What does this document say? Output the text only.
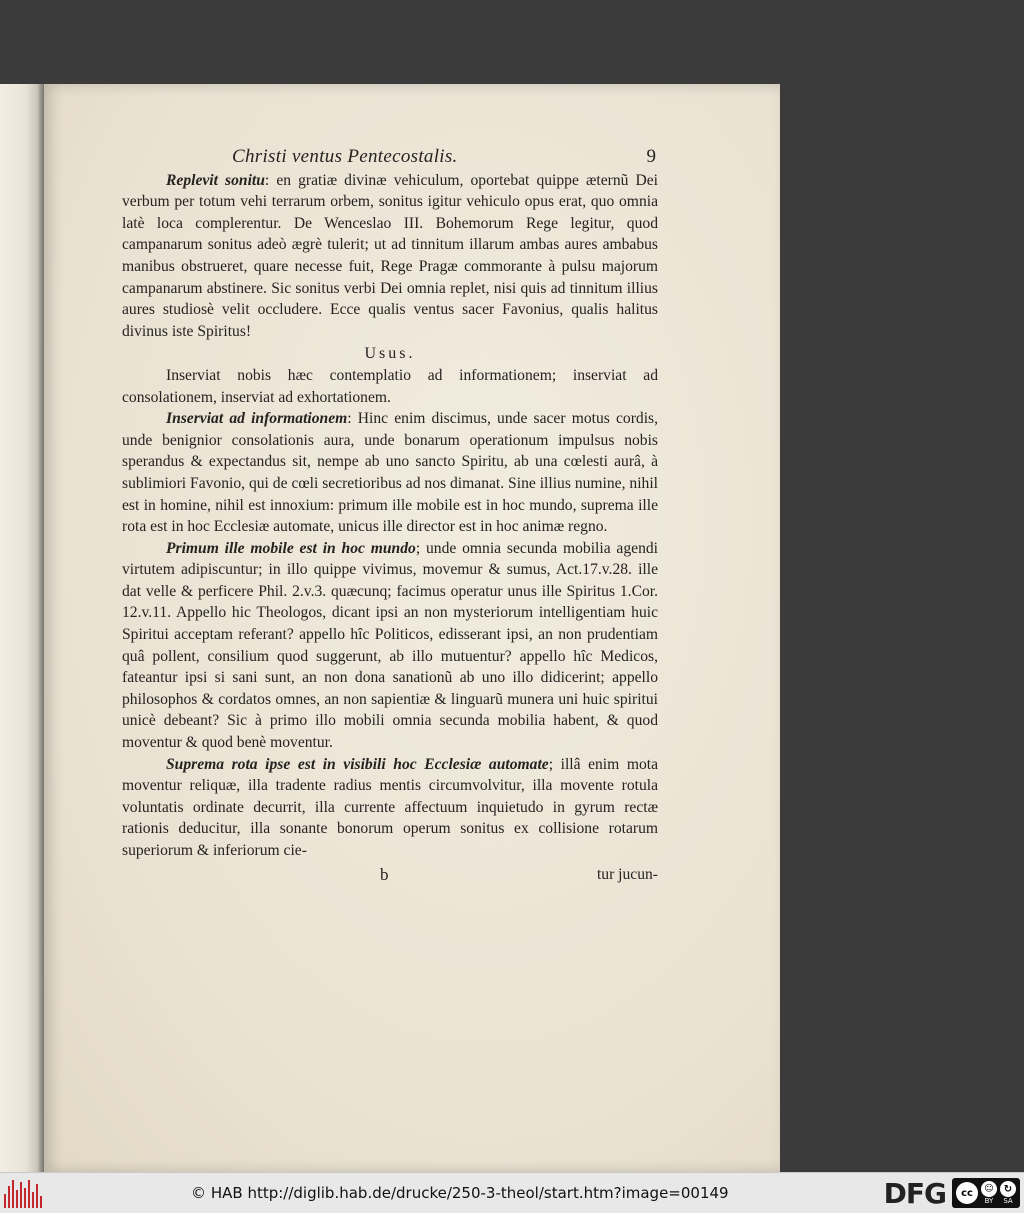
Christi ventus Pentecostalis.	9

Replevit sonitu: en gratiæ divinæ vehiculum, oportebat quippe æternũ Dei verbum per totum vehi terrarum orbem, sonitus igitur vehiculo opus erat, quo omnia latè loca complerentur. De Wenceslao III. Bohemorum Rege legitur, quod campanarum sonitus adeò ægrè tulerit; ut ad tinnitum illarum ambas aures ambabus manibus obstrueret, quare necesse fuit, Rege Pragæ commorante à pulsu majorum campanarum abstinere. Sic sonitus verbi Dei omnia replet, nisi quis ad tinnitum illius aures studiosè velit occludere. Ecce qualis ventus sacer Favonius, qualis halitus divinus iste Spiritus!

Usus.

Inserviat nobis hæc contemplatio ad informationem; inserviat ad consolationem, inserviat ad exhortationem.

Inserviat ad informationem: Hinc enim discimus, unde sacer motus cordis, unde benignior consolationis aura, unde bonarum operationum impulsus nobis sperandus & expectandus sit, nempe ab uno sancto Spiritu, ab una cœlesti aurâ, à sublimiori Favonio, qui de cœli secretioribus ad nos dimanat. Sine illius numine, nihil est in homine, nihil est innoxium: primum ille mobile est in hoc mundo, suprema ille rota est in hoc Ecclesiæ automate, unicus ille director est in hoc animæ regno.

Primum ille mobile est in hoc mundo; unde omnia secunda mobilia agendi virtutem adipiscuntur; in illo quippe vivimus, movemur & sumus, Act.17.v.28. ille dat velle & perficere Phil. 2.v.3. quæcunq; facimus operatur unus ille Spiritus 1.Cor. 12.v.11. Appello hic Theologos, dicant ipsi an non mysteriorum intelligentiam huic Spiritui acceptam referant? appello hîc Politicos, edisserant ipsi, an non prudentiam quâ pollent, consilium quod suggerunt, ab illo mutuentur? appello hîc Medicos, fateantur ipsi si sani sunt, an non dona sanationũ ab uno illo didicerint; appello philosophos & cordatos omnes, an non sapientiæ & linguarũ munera uni huic spiritui unicè debeant? Sic à primo illo mobili omnia secunda mobilia habent, & quod moventur & quod benè moventur.

Suprema rota ipse est in visibili hoc Ecclesiæ automate; illâ enim mota moventur reliquæ, illa tradente radius mentis circumvolvitur, illa movente rotula voluntatis ordinate decurrit, illa currente affectuum inquietudo in gyrum rectæ rationis deducitur, illa sonante bonorum operum sonitus ex collisione rotarum superiorum & inferiorum cie-

b	tur jucun-
© HAB http://diglib.hab.de/drucke/250-3-theol/start.htm?image=00149	DFG	cc	☺
BY
↻
SA
